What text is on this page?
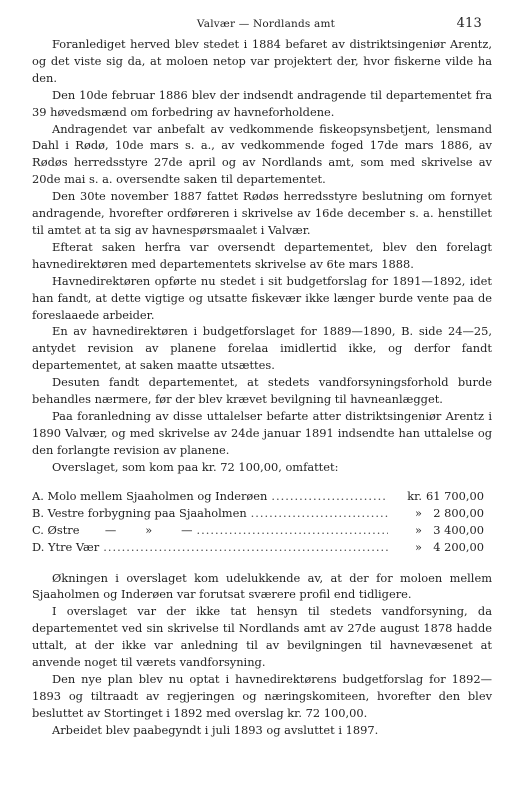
Valvær — Nordlands amt	413

Foranlediget herved blev stedet i 1884 befaret av distriktsingeniør Arentz, og det viste sig da, at moloen netop var projektert der, hvor fiskerne vilde ha den.

Den 10de februar 1886 blev der indsendt andragende til departementet fra 39 høvedsmænd om forbedring av havneforholdene.

Andragendet var anbefalt av vedkommende fiskeopsynsbetjent, lensmand Dahl i Rødø, 10de mars s. a., av vedkommende foged 17de mars 1886, av Rødøs herredsstyre 27de april og av Nordlands amt, som med skrivelse av 20de mai s. a. oversendte saken til departementet.

Den 30te november 1887 fattet Rødøs herredsstyre beslutning om fornyet andragende, hvorefter ordføreren i skrivelse av 16de december s. a. henstillet til amtet at ta sig av havnespørsmaalet i Valvær.

Efterat saken herfra var oversendt departementet, blev den forelagt havnedirektøren med departementets skrivelse av 6te mars 1888.

Havnedirektøren opførte nu stedet i sit budgetforslag for 1891—1892, idet han fandt, at dette vigtige og utsatte fiskevær ikke længer burde vente paa de foreslaaede arbeider.

En av havnedirektøren i budgetforslaget for 1889—1890, B. side 24—25, antydet revision av planene forelaa imidlertid ikke, og derfor fandt departementet, at saken maatte utsættes.

Desuten fandt departementet, at stedets vandforsyningsforhold burde behandles nærmere, før der blev krævet bevilgning til havneanlægget.

Paa foranledning av disse uttalelser befarte atter distriktsingeniør Arentz i 1890 Valvær, og med skrivelse av 24de januar 1891 indsendte han uttalelse og den forlangte revision av planene.

Overslaget, som kom paa kr. 72 100,00, omfattet:

A. Molo mellem Sjaaholmen og Inderøen .....	kr. 61 700,00
B. Vestre forbygning paa Sjaaholmen .....	» 2 800,00
C. Østre       —        »        — .....	» 3 400,00
D. Ytre Vær .....	» 4 200,00

Økningen i overslaget kom udelukkende av, at der for moloen mellem Sjaaholmen og Inderøen var forutsat sværere profil end tidligere.

I overslaget var der ikke tat hensyn til stedets vandforsyning, da departementet ved sin skrivelse til Nordlands amt av 27de august 1878 hadde uttalt, at der ikke var anledning til av bevilgningen til havnevæsenet at anvende noget til værets vandforsyning.

Den nye plan blev nu optat i havnedirektørens budgetforslag for 1892—1893 og tiltraadt av regjeringen og næringskomiteen, hvorefter den blev besluttet av Stortinget i 1892 med overslag kr. 72 100,00.

Arbeidet blev paabegyndt i juli 1893 og avsluttet i 1897.
